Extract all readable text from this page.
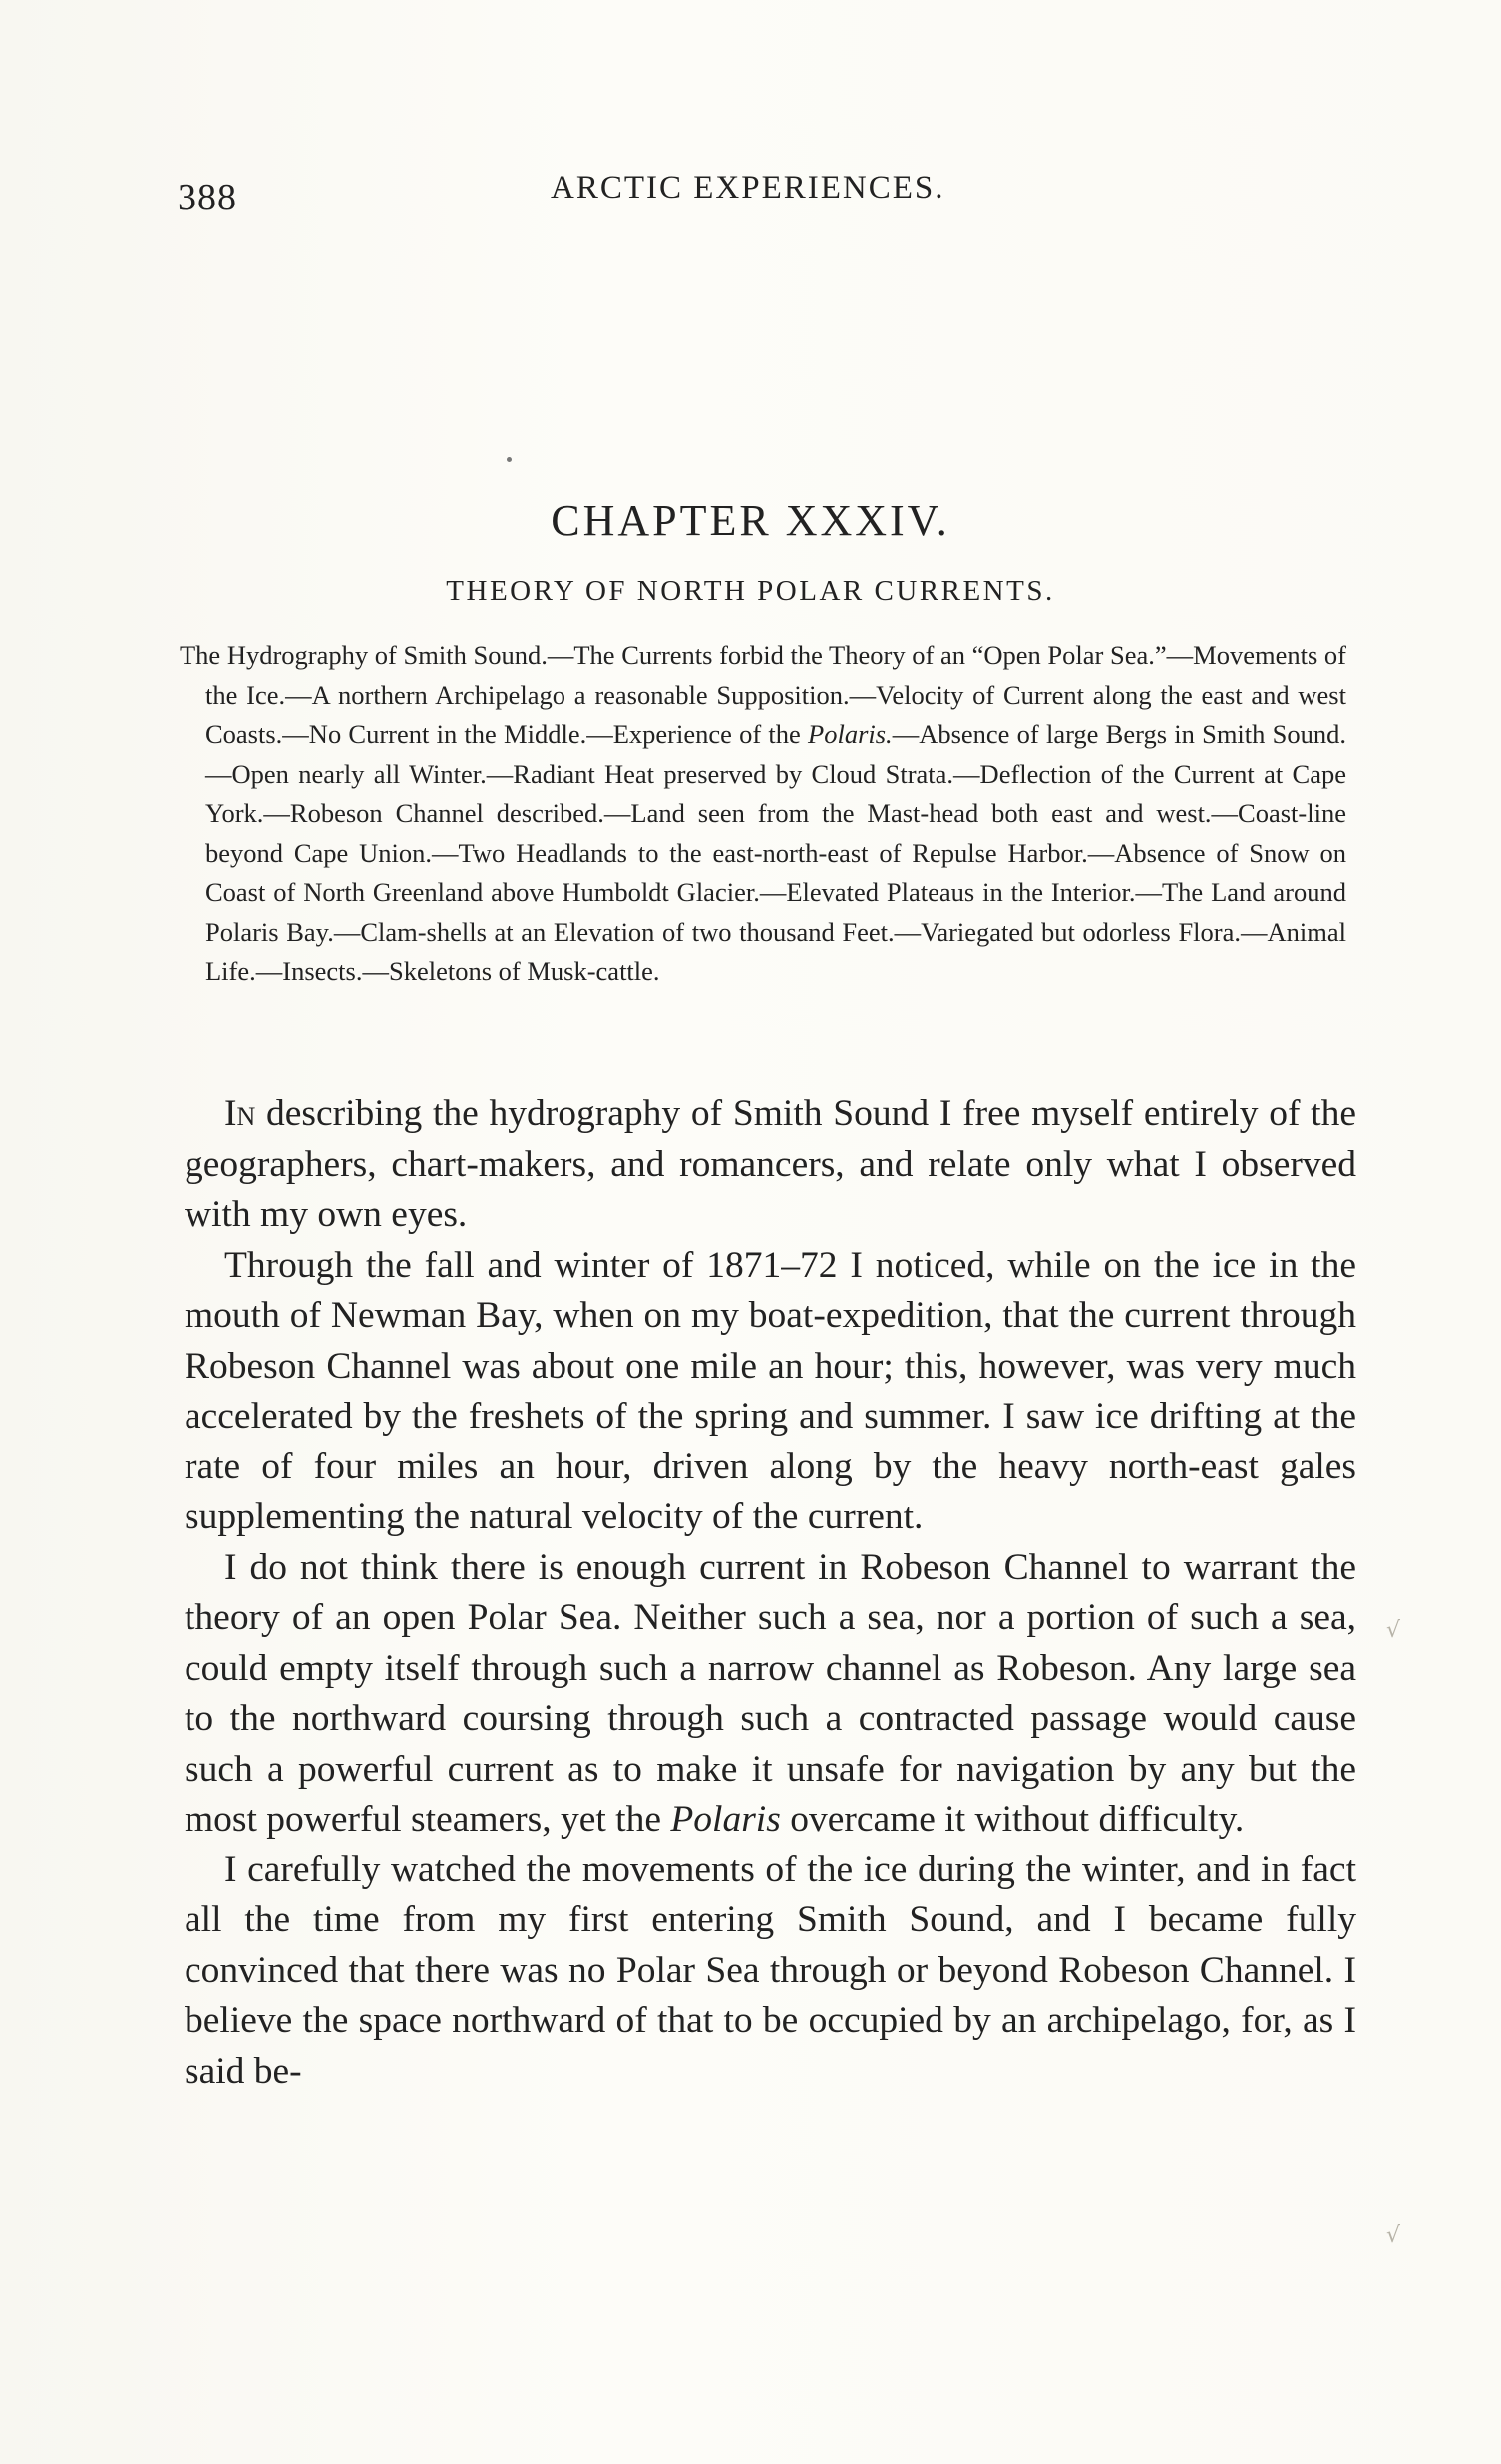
388	ARCTIC EXPERIENCES.
CHAPTER XXXIV.
THEORY OF NORTH POLAR CURRENTS.
The Hydrography of Smith Sound.—The Currents forbid the Theory of an “Open Polar Sea.”—Movements of the Ice.—A northern Archipelago a reasonable Supposition.—Velocity of Current along the east and west Coasts.—No Current in the Middle.—Experience of the Polaris.—Absence of large Bergs in Smith Sound.—Open nearly all Winter.—Radiant Heat preserved by Cloud Strata.—Deflection of the Current at Cape York.—Robeson Channel described.—Land seen from the Mast-head both east and west.—Coast-line beyond Cape Union.—Two Headlands to the east-north-east of Repulse Harbor.—Absence of Snow on Coast of North Greenland above Humboldt Glacier.—Elevated Plateaus in the Interior.—The Land around Polaris Bay.—Clam-shells at an Elevation of two thousand Feet.—Variegated but odorless Flora.—Animal Life.—Insects.—Skeletons of Musk-cattle.

In describing the hydrography of Smith Sound I free myself entirely of the geographers, chart-makers, and romancers, and relate only what I observed with my own eyes.

Through the fall and winter of 1871–72 I noticed, while on the ice in the mouth of Newman Bay, when on my boat-expedition, that the current through Robeson Channel was about one mile an hour; this, however, was very much accelerated by the freshets of the spring and summer. I saw ice drifting at the rate of four miles an hour, driven along by the heavy north-east gales supplementing the natural velocity of the current.

I do not think there is enough current in Robeson Channel to warrant the theory of an open Polar Sea. Neither such a sea, nor a portion of such a sea, could empty itself through such a narrow channel as Robeson. Any large sea to the northward coursing through such a contracted passage would cause such a powerful current as to make it unsafe for navigation by any but the most powerful steamers, yet the Polaris overcame it without difficulty.

I carefully watched the movements of the ice during the winter, and in fact all the time from my first entering Smith Sound, and I became fully convinced that there was no Polar Sea through or beyond Robeson Channel. I believe the space northward of that to be occupied by an archipelago, for, as I said be-

√
√
